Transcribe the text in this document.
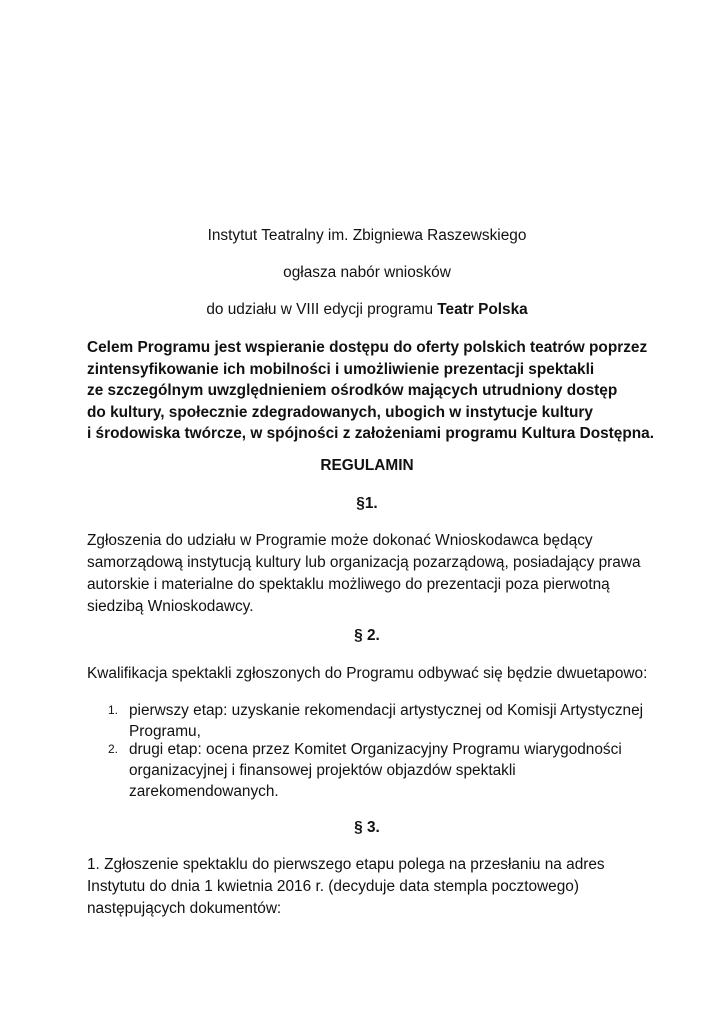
Instytut Teatralny im. Zbigniewa Raszewskiego

ogłasza nabór wniosków

do udziału w VIII edycji programu Teatr Polska

Celem Programu jest wspieranie dostępu do oferty polskich teatrów poprzez
zintensyfikowanie ich mobilności i umożliwienie prezentacji spektakli
ze szczególnym uwzględnieniem ośrodków mających utrudniony dostęp
do kultury, społecznie zdegradowanych, ubogich w instytucje kultury
i środowiska twórcze, w spójności z założeniami programu Kultura Dostępna.

REGULAMIN

§1.

Zgłoszenia do udziału w Programie może dokonać Wnioskodawca będący
samorządową instytucją kultury lub organizacją pozarządową, posiadający prawa
autorskie i materialne do spektaklu możliwego do prezentacji poza pierwotną
siedzibą Wnioskodawcy.

§ 2.

Kwalifikacja spektakli zgłoszonych do Programu odbywać się będzie dwuetapowo:

1. pierwszy etap: uzyskanie rekomendacji artystycznej od Komisji Artystycznej
Programu,
2. drugi etap: ocena przez Komitet Organizacyjny Programu wiarygodności
organizacyjnej i finansowej projektów objazdów spektakli
zarekomendowanych.

§ 3.

1. Zgłoszenie spektaklu do pierwszego etapu polega na przesłaniu na adres
Instytutu do dnia 1 kwietnia 2016 r. (decyduje data stempla pocztowego)
następujących dokumentów:
